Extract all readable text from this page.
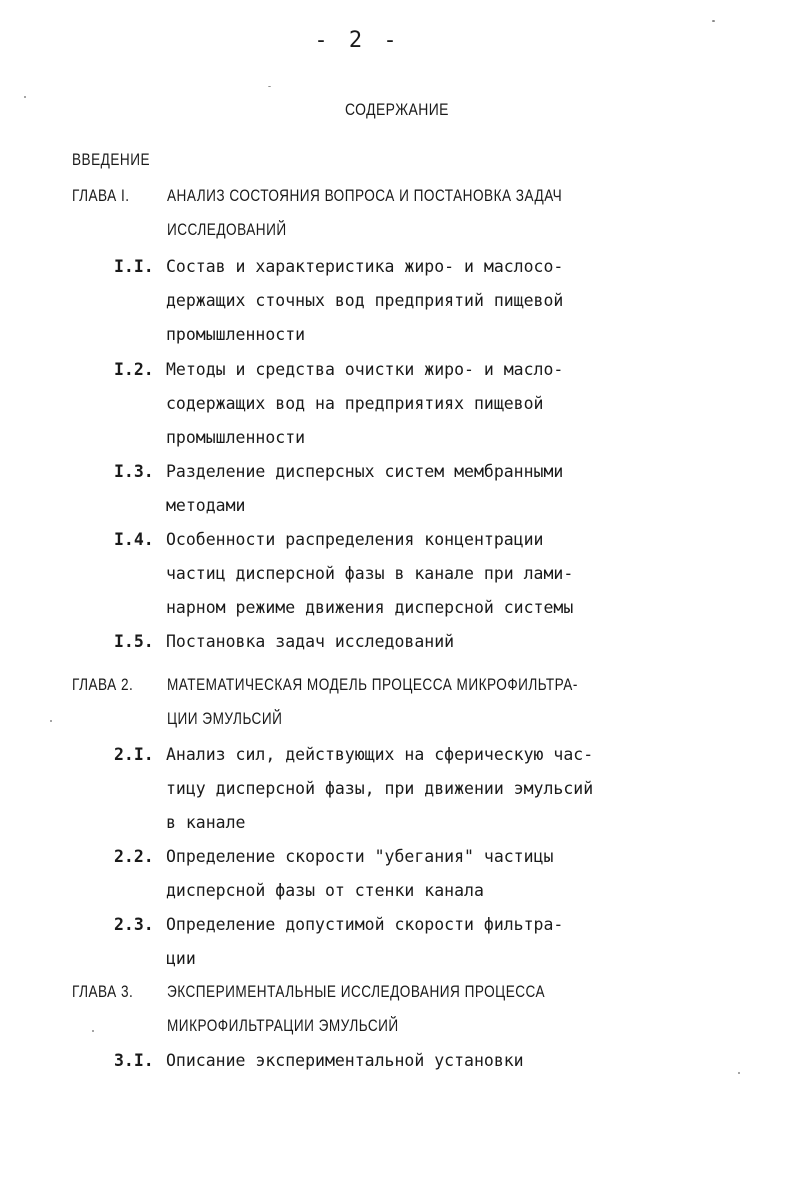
- 2 -
СОДЕРЖАНИЕ
ВВЕДЕНИЕ
ГЛАВА I. АНАЛИЗ СОСТОЯНИЯ ВОПРОСА И ПОСТАНОВКА ЗАДАЧ
ИССЛЕДОВАНИЙ
I.I. Состав и характеристика жиро- и маслосо-
держащих сточных вод предприятий пищевой
промышленности
I.2. Методы и средства очистки жиро- и масло-
содержащих вод на предприятиях пищевой
промышленности
I.3. Разделение дисперсных систем мембранными
методами
I.4. Особенности распределения концентрации
частиц дисперсной фазы в канале при лами-
нарном режиме движения дисперсной системы
I.5. Постановка задач исследований
ГЛАВА 2. МАТЕМАТИЧЕСКАЯ МОДЕЛЬ ПРОЦЕССА МИКРОФИЛЬТРА-
ЦИИ ЭМУЛЬСИЙ
2.I. Анализ сил, действующих на сферическую час-
тицу дисперсной фазы, при движении эмульсий
в канале
2.2. Определение скорости "убегания" частицы
дисперсной фазы от стенки канала
2.3. Определение допустимой скорости фильтра-
ции
ГЛАВА 3. ЭКСПЕРИМЕНТАЛЬНЫЕ ИССЛЕДОВАНИЯ ПРОЦЕССА
МИКРОФИЛЬТРАЦИИ ЭМУЛЬСИЙ
3.I. Описание экспериментальной установки
